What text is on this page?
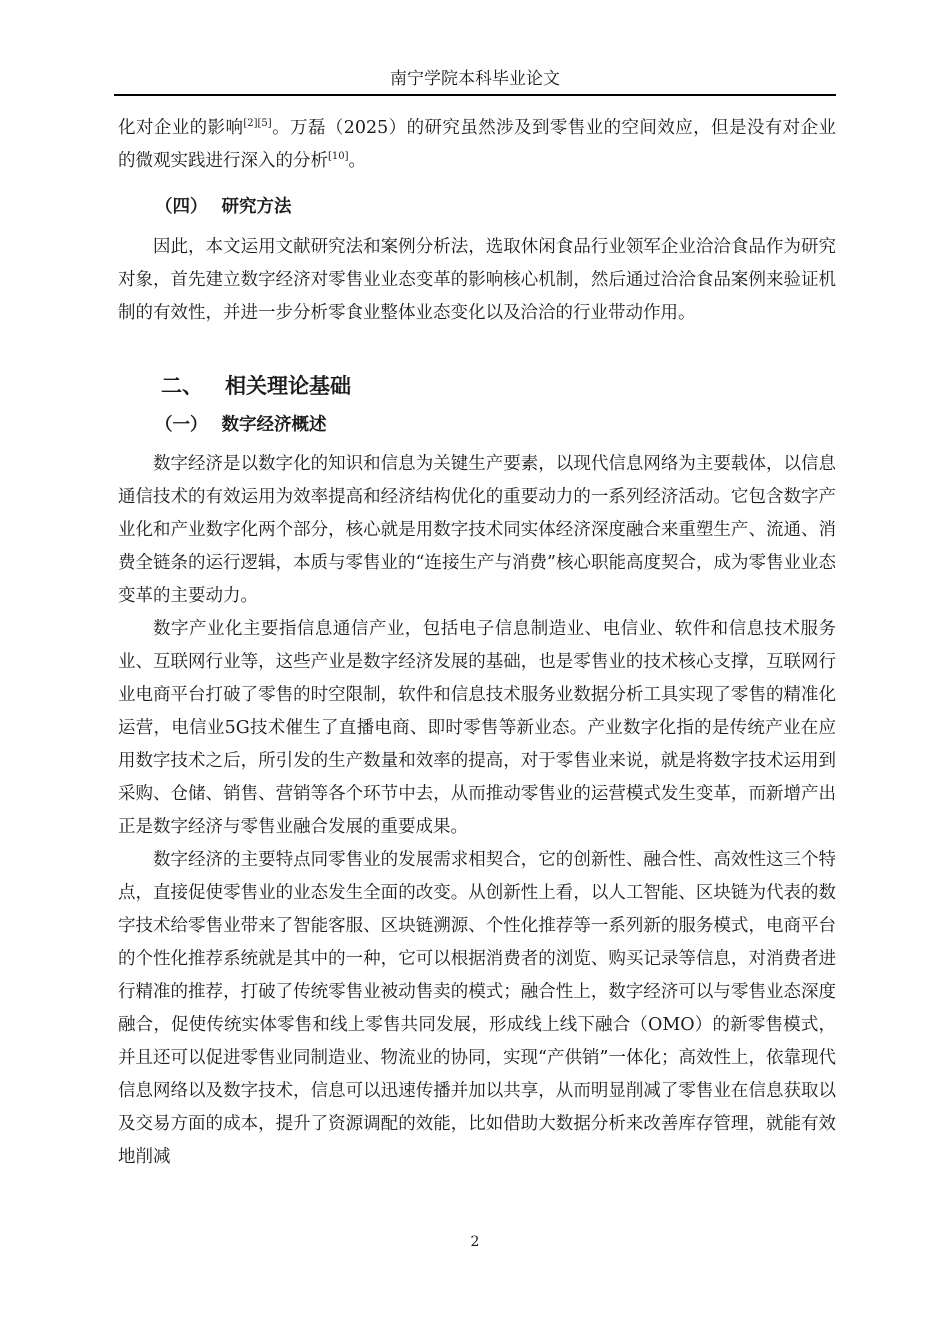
南宁学院本科毕业论文

化对企业的影响[2][5]。万磊（2025）的研究虽然涉及到零售业的空间效应，但是没有对企业的微观实践进行深入的分析[10]。

（四） 研究方法

因此，本文运用文献研究法和案例分析法，选取休闲食品行业领军企业洽洽食品作为研究对象，首先建立数字经济对零售业业态变革的影响核心机制，然后通过洽洽食品案例来验证机制的有效性，并进一步分析零食业整体业态变化以及洽洽的行业带动作用。

二、 相关理论基础
（一） 数字经济概述

数字经济是以数字化的知识和信息为关键生产要素，以现代信息网络为主要载体，以信息通信技术的有效运用为效率提高和经济结构优化的重要动力的一系列经济活动。它包含数字产业化和产业数字化两个部分，核心就是用数字技术同实体经济深度融合来重塑生产、流通、消费全链条的运行逻辑，本质与零售业的“连接生产与消费”核心职能高度契合，成为零售业业态变革的主要动力。

数字产业化主要指信息通信产业，包括电子信息制造业、电信业、软件和信息技术服务业、互联网行业等，这些产业是数字经济发展的基础，也是零售业的技术核心支撑，互联网行业电商平台打破了零售的时空限制，软件和信息技术服务业数据分析工具实现了零售的精准化运营，电信业5G技术催生了直播电商、即时零售等新业态。产业数字化指的是传统产业在应用数字技术之后，所引发的生产数量和效率的提高，对于零售业来说，就是将数字技术运用到采购、仓储、销售、营销等各个环节中去，从而推动零售业的运营模式发生变革，而新增产出正是数字经济与零售业融合发展的重要成果。

数字经济的主要特点同零售业的发展需求相契合，它的创新性、融合性、高效性这三个特点，直接促使零售业的业态发生全面的改变。从创新性上看，以人工智能、区块链为代表的数字技术给零售业带来了智能客服、区块链溯源、个性化推荐等一系列新的服务模式，电商平台的个性化推荐系统就是其中的一种，它可以根据消费者的浏览、购买记录等信息，对消费者进行精准的推荐，打破了传统零售业被动售卖的模式；融合性上，数字经济可以与零售业态深度融合，促使传统实体零售和线上零售共同发展，形成线上线下融合（OMO）的新零售模式，并且还可以促进零售业同制造业、物流业的协同，实现“产供销”一体化；高效性上，依靠现代信息网络以及数字技术，信息可以迅速传播并加以共享，从而明显削减了零售业在信息获取以及交易方面的成本，提升了资源调配的效能，比如借助大数据分析来改善库存管理，就能有效地削减

2
